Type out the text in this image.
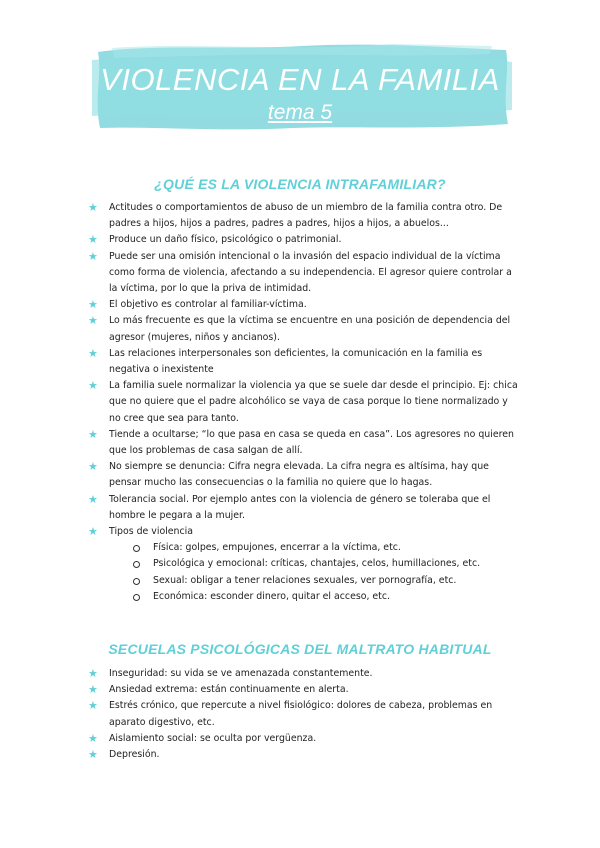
VIOLENCIA EN LA FAMILIA
tema 5
¿QUÉ ES LA VIOLENCIA INTRAFAMILIAR?
★ Actitudes o comportamientos de abuso de un miembro de la familia contra otro. De padres a hijos, hijos a padres, padres a padres, hijos a hijos, a abuelos...
★ Produce un daño físico, psicológico o patrimonial.
★ Puede ser una omisión intencional o la invasión del espacio individual de la víctima como forma de violencia, afectando a su independencia. El agresor quiere controlar a la víctima, por lo que la priva de intimidad.
★ El objetivo es controlar al familiar-víctima.
★ Lo más frecuente es que la víctima se encuentre en una posición de dependencia del agresor (mujeres, niños y ancianos).
★ Las relaciones interpersonales son deficientes, la comunicación en la familia es negativa o inexistente
★ La familia suele normalizar la violencia ya que se suele dar desde el principio. Ej: chica que no quiere que el padre alcohólico se vaya de casa porque lo tiene normalizado y no cree que sea para tanto.
★ Tiende a ocultarse; “lo que pasa en casa se queda en casa”. Los agresores no quieren que los problemas de casa salgan de allí.
★ No siempre se denuncia: Cifra negra elevada. La cifra negra es altísima, hay que pensar mucho las consecuencias o la familia no quiere que lo hagas.
★ Tolerancia social. Por ejemplo antes con la violencia de género se toleraba que el hombre le pegara a la mujer.
★ Tipos de violencia
Física: golpes, empujones, encerrar a la víctima, etc.
Psicológica y emocional: críticas, chantajes, celos, humillaciones, etc.
Sexual: obligar a tener relaciones sexuales, ver pornografía, etc.
Económica: esconder dinero, quitar el acceso, etc.
SECUELAS PSICOLÓGICAS DEL MALTRATO HABITUAL
★ Inseguridad: su vida se ve amenazada constantemente.
★ Ansiedad extrema: están continuamente en alerta.
★ Estrés crónico, que repercute a nivel fisiológico: dolores de cabeza, problemas en aparato digestivo, etc.
★ Aislamiento social: se oculta por vergüenza.
★ Depresión.
